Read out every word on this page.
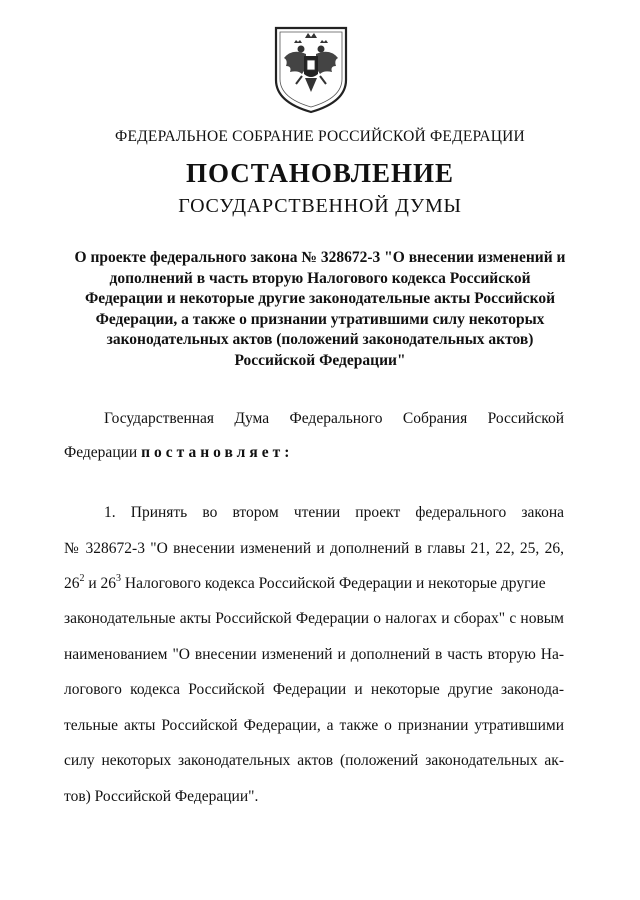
ФЕДЕРАЛЬНОЕ СОБРАНИЕ РОССИЙСКОЙ ФЕДЕРАЦИИ
ПОСТАНОВЛЕНИЕ
ГОСУДАРСТВЕННОЙ ДУМЫ
О проекте федерального закона № 328672-3 "О внесении изменений и
дополнений в часть вторую Налогового кодекса Российской
Федерации и некоторые другие законодательные акты Российской
Федерации, а также о признании утратившими силу некоторых
законодательных актов (положений законодательных актов)
Российской Федерации"
Государственная Дума Федерального Собрания Российской
Федерации постановляет:
1. Принять во втором чтении проект федерального закона
№ 328672-3 "О внесении изменений и дополнений в главы 21, 22, 25, 26,
$26^2$ и $26^3$ Налогового кодекса Российской Федерации и некоторые другие
законодательные акты Российской Федерации о налогах и сборах" с новым
наименованием "О внесении изменений и дополнений в часть вторую На-
логового кодекса Российской Федерации и некоторые другие законода-
тельные акты Российской Федерации, а также о признании утратившими
силу некоторых законодательных актов (положений законодательных ак-
тов) Российской Федерации".
